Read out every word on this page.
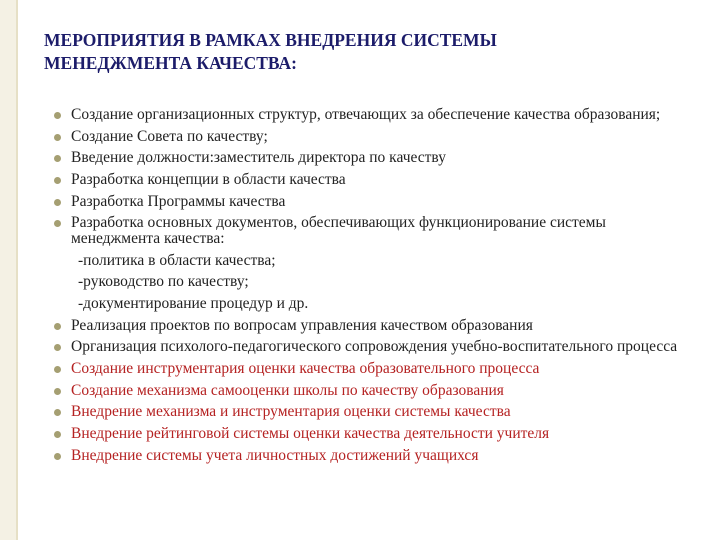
МЕРОПРИЯТИЯ В РАМКАХ ВНЕДРЕНИЯ СИСТЕМЫ
МЕНЕДЖМЕНТА КАЧЕСТВА:
Создание организационных структур, отвечающих за обеспечение качества образования;
Создание Совета по качеству;
Введение должности:заместитель директора по качеству
Разработка концепции в области качества
Разработка Программы качества
Разработка основных документов, обеспечивающих функционирование системы менеджмента качества:
-политика в области качества;
-руководство по качеству;
-документирование процедур и др.
Реализация проектов по вопросам управления качеством образования
Организация психолого-педагогического сопровождения учебно-воспитательного процесса
Создание инструментария оценки качества образовательного процесса
Создание механизма самооценки школы по качеству образования
Внедрение механизма и инструментария оценки системы качества
Внедрение рейтинговой системы оценки качества деятельности учителя
Внедрение системы учета личностных достижений учащихся
